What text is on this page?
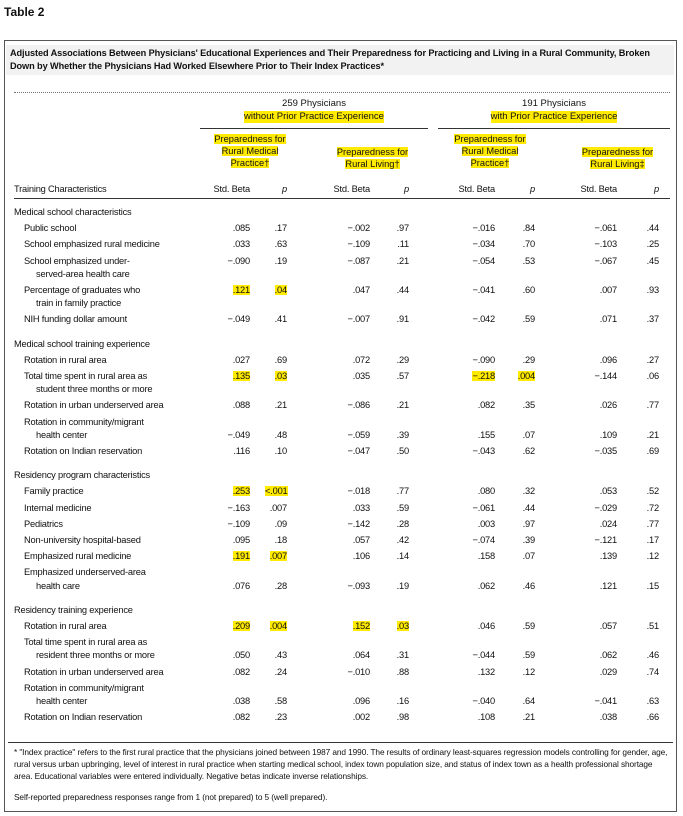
Table 2
Adjusted Associations Between Physicians' Educational Experiences and Their Preparedness for Practicing and Living in a Rural Community, Broken Down by Whether the Physicians Had Worked Elsewhere Prior to Their Index Practices*
259 Physicians
without Prior Practice Experience
191 Physicians
with Prior Practice Experience
Preparedness for
Rural Medical
Practice†
Preparedness for
Rural Living†
Preparedness for
Rural Medical
Practice†
Preparedness for
Rural Living‡
Training Characteristics	Std. Beta	p	Std. Beta	p	Std. Beta	p	Std. Beta	p
Medical school characteristics
Public school	.085	.17	−.002	.97	−.016	.84	−.061	.44
School emphasized rural medicine	.033	.63	−.109	.11	−.034	.70	−.103	.25
School emphasized under-
served-area health care
−.090	.19	−.087	.21	−.054	.53	−.067	.45
Percentage of graduates who
train in family practice
.121	.04	.047	.44	−.041	.60	.007	.93
NIH funding dollar amount	−.049	.41	−.007	.91	−.042	.59	.071	.37
Medical school training experience
Rotation in rural area	.027	.69	.072	.29	−.090	.29	.096	.27
Total time spent in rural area as
student three months or more
.135	.03	.035	.57	−.218	.004	−.144	.06
Rotation in urban underserved area	.088	.21	−.086	.21	.082	.35	.026	.77
Rotation in community/migrant
health center	−.049	.48	−.059	.39	.155	.07	.109	.21
Rotation on Indian reservation	.116	.10	−.047	.50	−.043	.62	−.035	.69
Residency program characteristics
Family practice	.253 <.001	−.018	.77	.080	.32	.053	.52
Internal medicine	−.163	.007	.033	.59	−.061	.44	−.029	.72
Pediatrics	−.109	.09	−.142	.28	.003	.97	.024	.77
Non-university hospital-based	.095	.18	.057	.42	−.074	.39	−.121	.17
Emphasized rural medicine	.191	.007	.106	.14	.158	.07	.139	.12
Emphasized underserved-area
health care	.076	.28	−.093	.19	.062	.46	.121	.15
Residency training experience
Rotation in rural area	.209	.004	.152	.03	.046	.59	.057	.51
Total time spent in rural area as
resident three months or more	.050	.43	.064	.31	−.044	.59	.062	.46
Rotation in urban underserved area	.082	.24	−.010	.88	.132	.12	.029	.74
Rotation in community/migrant
health center	.038	.58	.096	.16	−.040	.64	−.041	.63
Rotation on Indian reservation	.082	.23	.002	.98	.108	.21	.038	.66
* "Index practice" refers to the first rural practice that the physicians joined between 1987 and 1990. The results of ordinary least-squares regression models controlling for gender, age, rural versus urban upbringing, level of interest in rural practice when starting medical school, index town population size, and status of index town as a health professional shortage area. Educational variables were entered individually. Negative betas indicate inverse relationships.
Self-reported preparedness responses range from 1 (not prepared) to 5 (well prepared).
